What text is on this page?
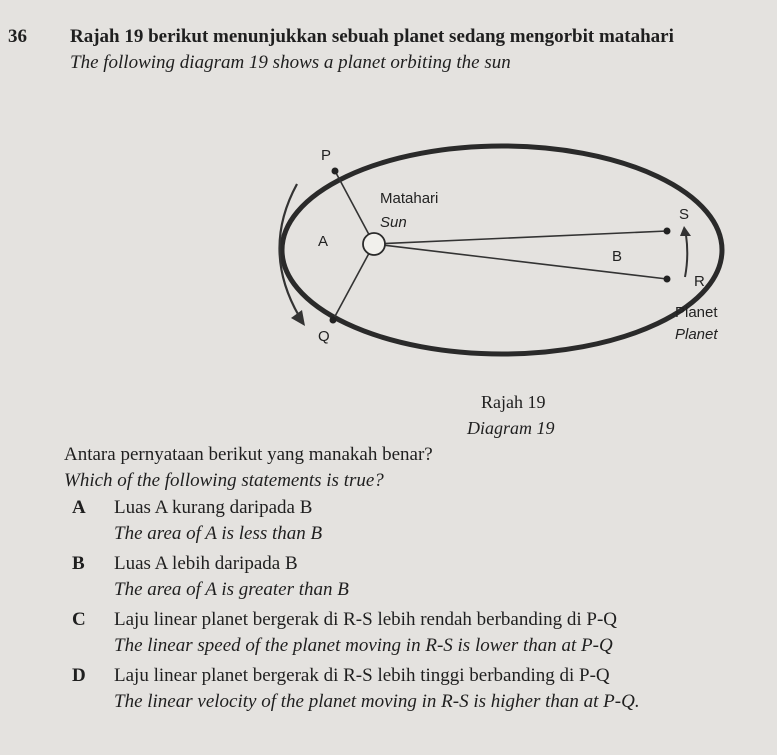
36 Rajah 19 berikut menunjukkan sebuah planet sedang mengorbit matahari
The following diagram 19 shows a planet orbiting the sun
P
Q
S
R
A
B
Matahari
Sun
Planet
Planet
Rajah 19
Diagram 19
Antara pernyataan berikut yang manakah benar?
Which of the following statements is true?
A Luas A kurang daripada B
The area of A is less than B
B Luas A lebih daripada B
The area of A is greater than B
C Laju linear planet bergerak di R-S lebih rendah berbanding di P-Q
The linear speed of the planet moving in R-S is lower than at P-Q
D Laju linear planet bergerak di R-S lebih tinggi berbanding di P-Q
The linear velocity of the planet moving in R-S is higher than at P-Q.
